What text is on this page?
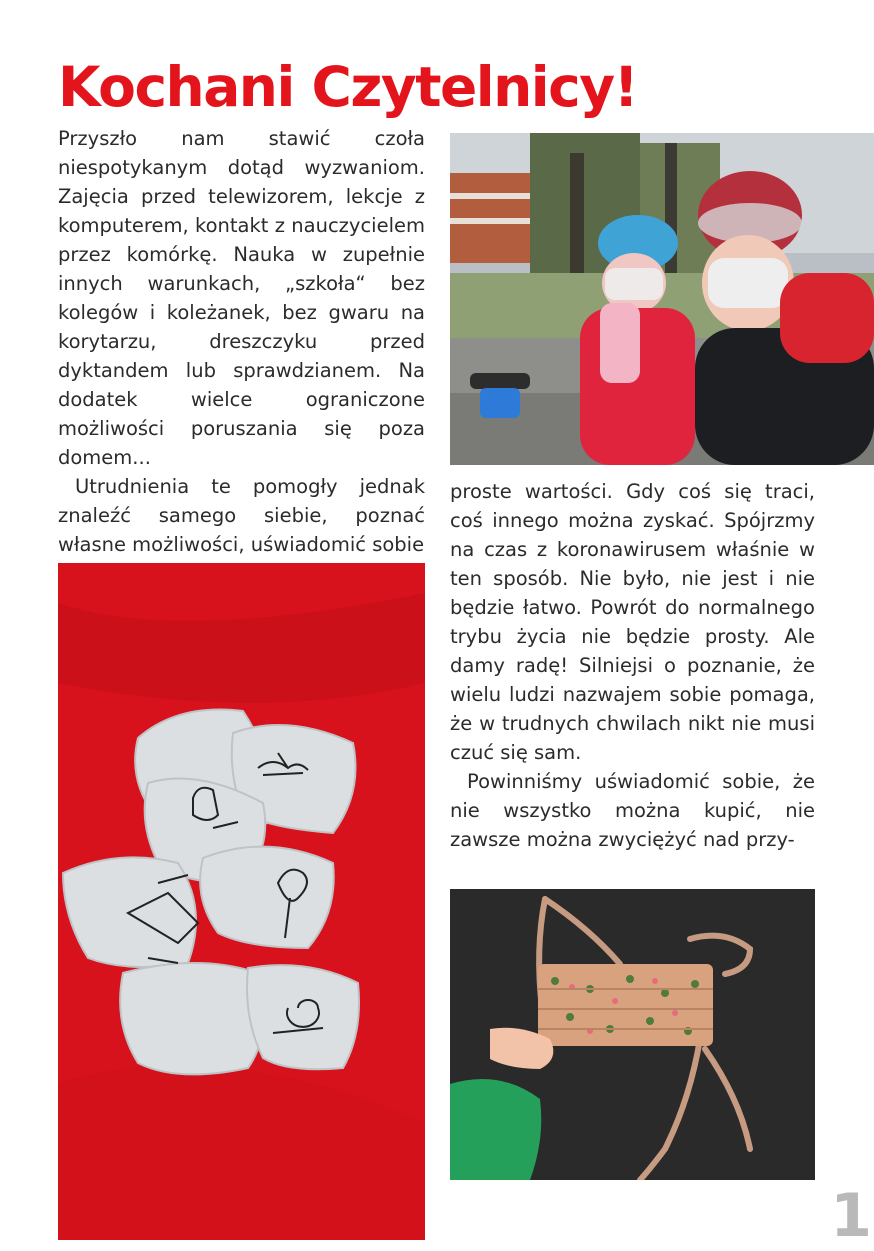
Kochani Czytelnicy!

Przyszło nam stawić czoła niespotykanym dotąd wyzwaniom. Zajęcia przed telewizorem, lekcje z komputerem, kontakt z nauczycielem przez komórkę. Nauka w zupełnie innych warunkach, „szkoła“ bez kolegów i koleżanek, bez gwaru na korytarzu, dreszczyku przed dyktandem lub sprawdzianem. Na dodatek wielce ograniczone możliwości poruszania się poza domem...

Utrudnienia te pomogły jednak znaleźć samego siebie, poznać własne możliwości, uświadomić sobie

proste wartości. Gdy coś się traci, coś innego można zyskać. Spójrzmy na czas z koronawirusem właśnie w ten sposób. Nie było, nie jest i nie będzie łatwo. Powrót do normalnego trybu życia nie będzie prosty. Ale damy radę! Silniejsi o poznanie, że wielu ludzi nazwajem sobie pomaga, że w trudnych chwilach nikt nie musi czuć się sam.

Powinniśmy uświadomić sobie, że nie wszystko można kupić, nie zawsze można zwyciężyć nad przy-

1
